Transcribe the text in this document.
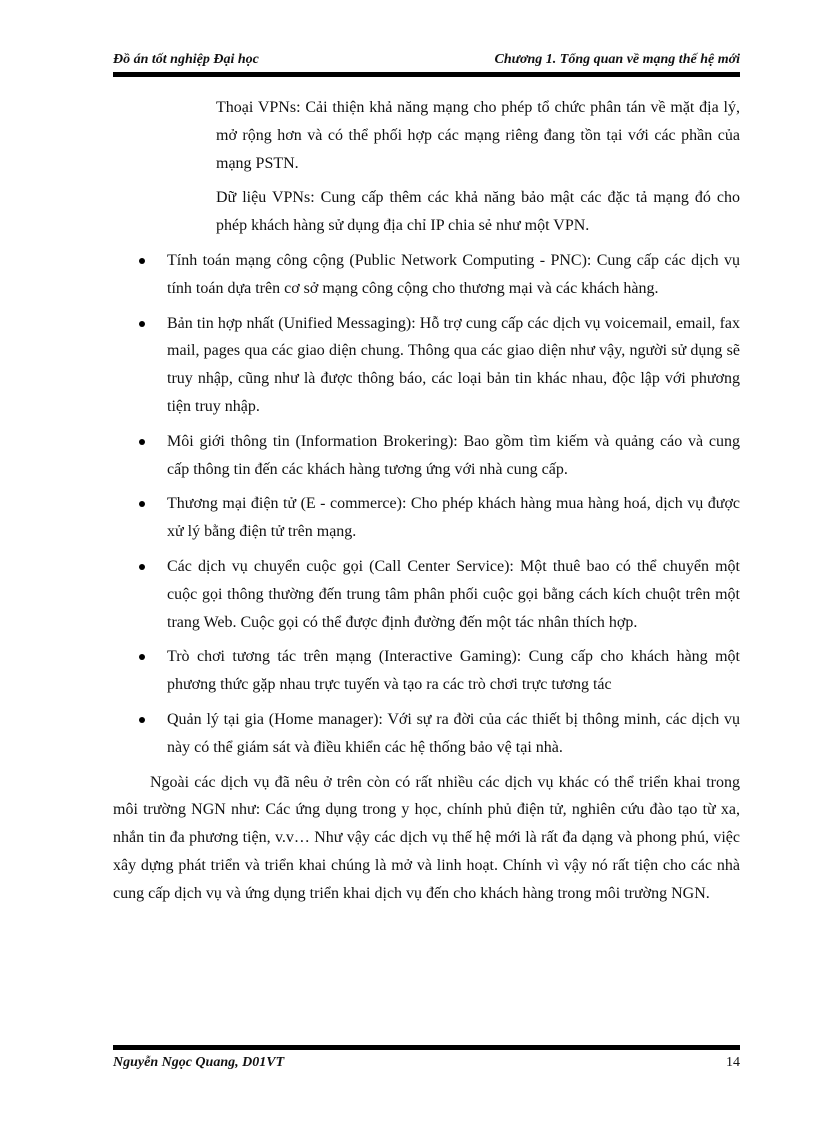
Đồ án tốt nghiệp Đại học	Chương 1. Tổng quan về mạng thế hệ mới

Thoại VPNs: Cải thiện khả năng mạng cho phép tổ chức phân tán về mặt địa lý, mở rộng hơn và có thể phối hợp các mạng riêng đang tồn tại với các phần của mạng PSTN.

Dữ liệu VPNs: Cung cấp thêm các khả năng bảo mật các đặc tả mạng đó cho phép khách hàng sử dụng địa chỉ IP chia sẻ như một VPN.

Tính toán mạng công cộng (Public Network Computing - PNC): Cung cấp các dịch vụ tính toán dựa trên cơ sở mạng công cộng cho thương mại và các khách hàng.
Bản tin hợp nhất (Unified Messaging): Hỗ trợ cung cấp các dịch vụ voicemail, email, fax mail, pages qua các giao diện chung. Thông qua các giao diện như vậy, người sử dụng sẽ truy nhập, cũng như là được thông báo, các loại bản tin khác nhau, độc lập với phương tiện truy nhập.
Môi giới thông tin (Information Brokering): Bao gồm tìm kiếm và quảng cáo và cung cấp thông tin đến các khách hàng tương ứng với nhà cung cấp.
Thương mại điện tử (E - commerce): Cho phép khách hàng mua hàng hoá, dịch vụ được xử lý bằng điện tử trên mạng.
Các dịch vụ chuyển cuộc gọi (Call Center Service): Một thuê bao có thể chuyển một cuộc gọi thông thường đến trung tâm phân phối cuộc gọi bằng cách kích chuột trên một trang Web. Cuộc gọi có thể được định đường đến một tác nhân thích hợp.
Trò chơi tương tác trên mạng (Interactive Gaming): Cung cấp cho khách hàng một phương thức gặp nhau trực tuyến và tạo ra các trò chơi trực tương tác
Quản lý tại gia (Home manager): Với sự ra đời của các thiết bị thông minh, các dịch vụ này có thể giám sát và điều khiển các hệ thống bảo vệ tại nhà.

Ngoài các dịch vụ đã nêu ở trên còn có rất nhiều các dịch vụ khác có thể triển khai trong môi trường NGN như: Các ứng dụng trong y học, chính phủ điện tử, nghiên cứu đào tạo từ xa, nhắn tin đa phương tiện, v.v… Như vậy các dịch vụ thế hệ mới là rất đa dạng và phong phú, việc xây dựng phát triển và triển khai chúng là mở và linh hoạt. Chính vì vậy nó rất tiện cho các nhà cung cấp dịch vụ và ứng dụng triển khai dịch vụ đến cho khách hàng trong môi trường NGN.

Nguyễn Ngọc Quang, D01VT	14
